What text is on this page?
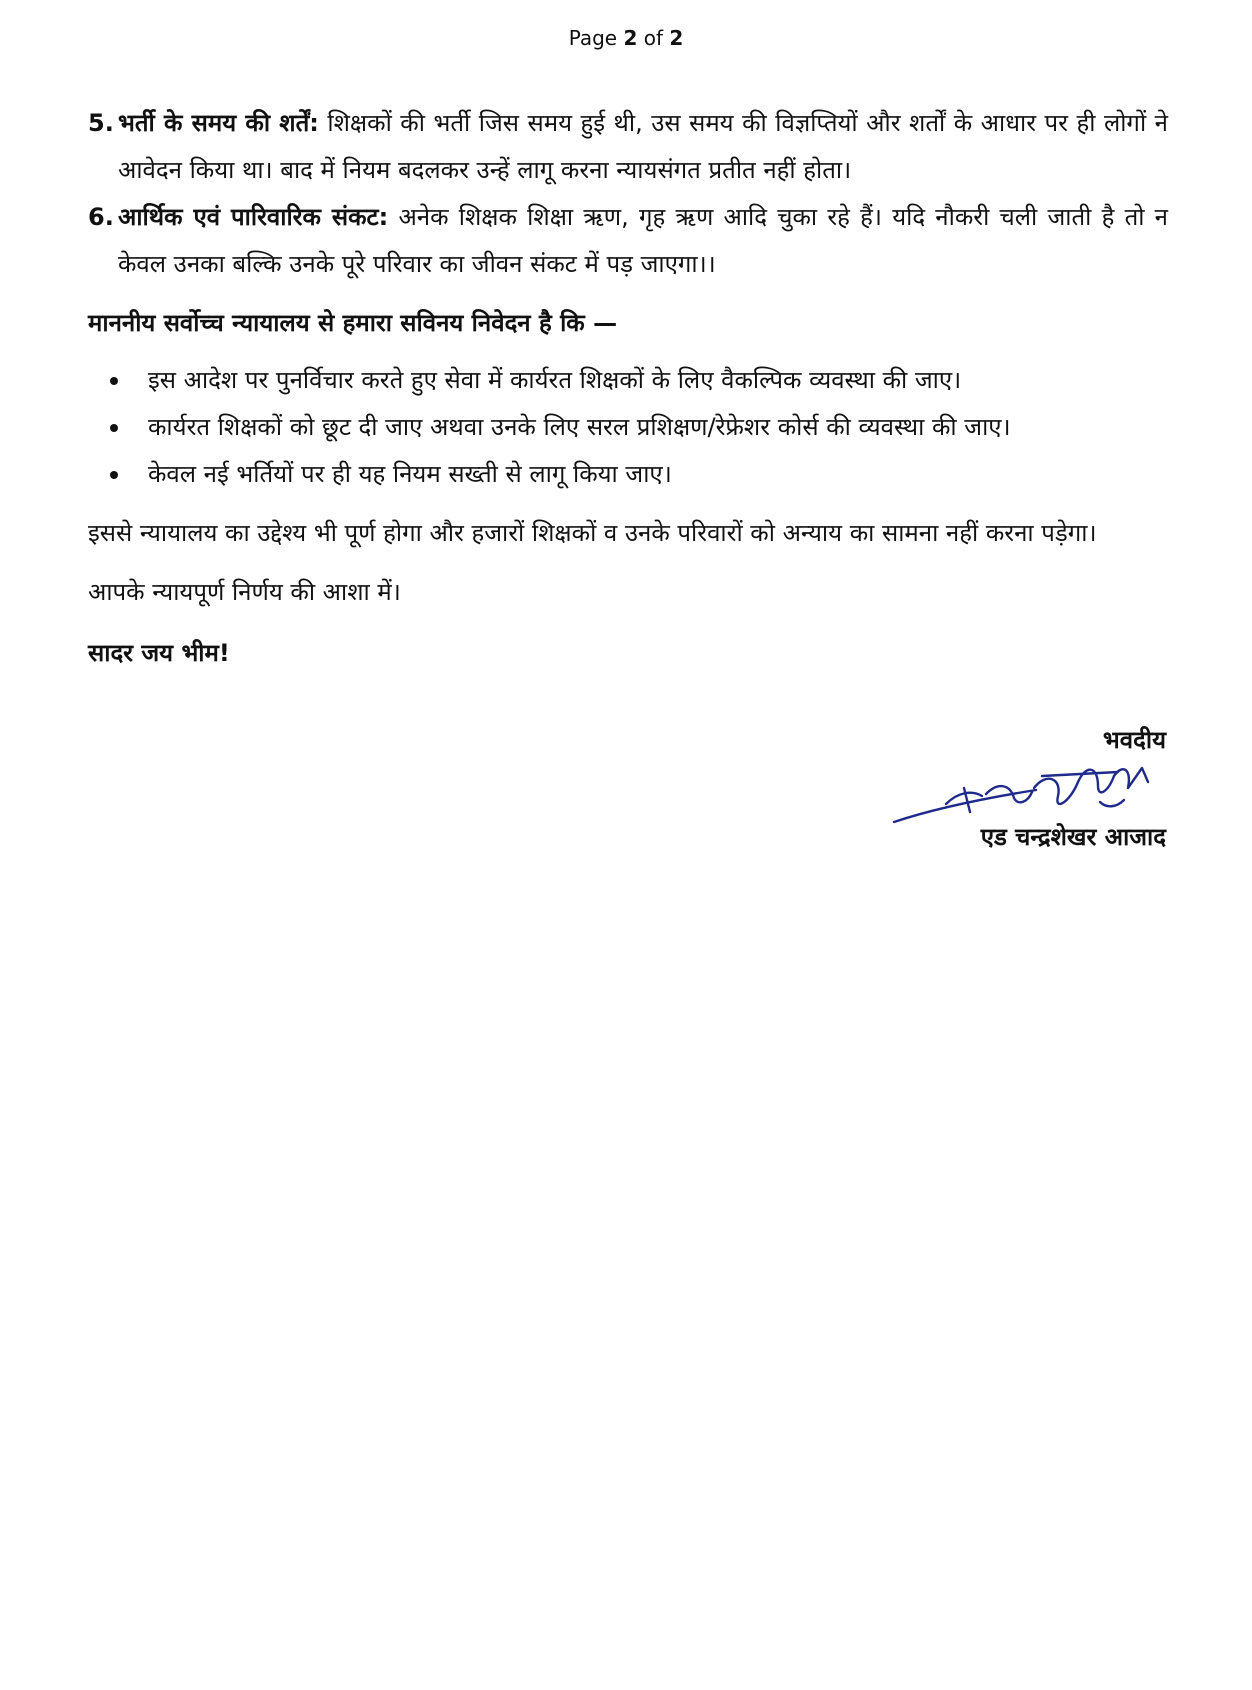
Page 2 of 2
5. भर्ती के समय की शर्तें: शिक्षकों की भर्ती जिस समय हुई थी, उस समय की विज्ञप्तियों और शर्तों के आधार पर ही लोगों ने आवेदन किया था। बाद में नियम बदलकर उन्हें लागू करना न्यायसंगत प्रतीत नहीं होता।
6. आर्थिक एवं पारिवारिक संकट: अनेक शिक्षक शिक्षा ऋण, गृह ऋण आदि चुका रहे हैं। यदि नौकरी चली जाती है तो न केवल उनका बल्कि उनके पूरे परिवार का जीवन संकट में पड़ जाएगा।।
माननीय सर्वोच्च न्यायालय से हमारा सविनय निवेदन है कि —
इस आदेश पर पुनर्विचार करते हुए सेवा में कार्यरत शिक्षकों के लिए वैकल्पिक व्यवस्था की जाए।
कार्यरत शिक्षकों को छूट दी जाए अथवा उनके लिए सरल प्रशिक्षण/रेफ्रेशर कोर्स की व्यवस्था की जाए।
केवल नई भर्तियों पर ही यह नियम सख्ती से लागू किया जाए।
इससे न्यायालय का उद्देश्य भी पूर्ण होगा और हजारों शिक्षकों व उनके परिवारों को अन्याय का सामना नहीं करना पड़ेगा।
आपके न्यायपूर्ण निर्णय की आशा में।
सादर जय भीम!
भवदीय
एड चन्द्रशेखर आजाद
